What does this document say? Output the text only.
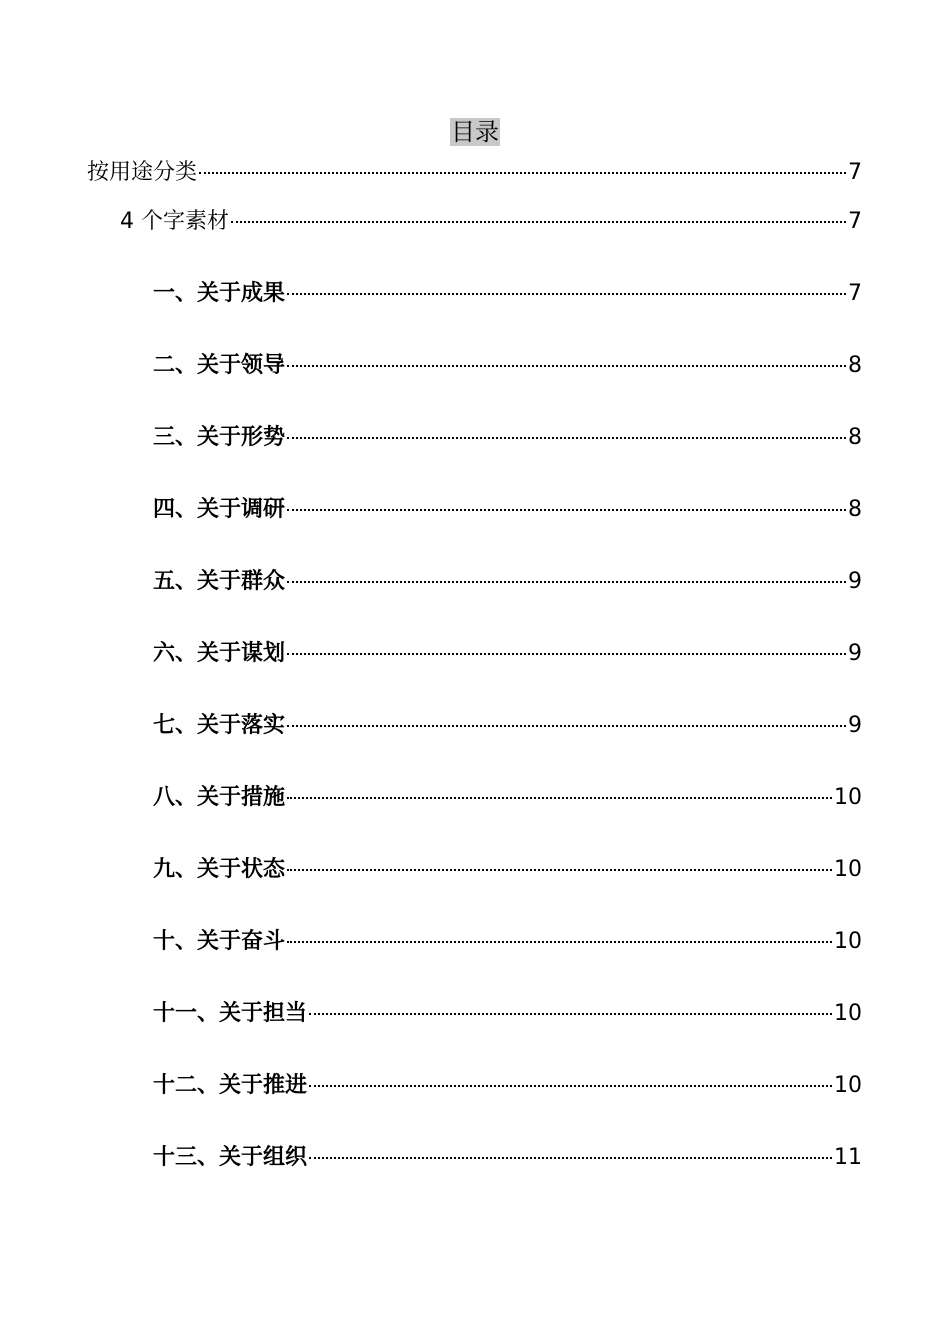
目录
按用途分类	7
4 个字素材	7
一、关于成果	7
二、关于领导	8
三、关于形势	8
四、关于调研	8
五、关于群众	9
六、关于谋划	9
七、关于落实	9
八、关于措施	10
九、关于状态	10
十、关于奋斗	10
十一、关于担当	10
十二、关于推进	10
十三、关于组织	11
